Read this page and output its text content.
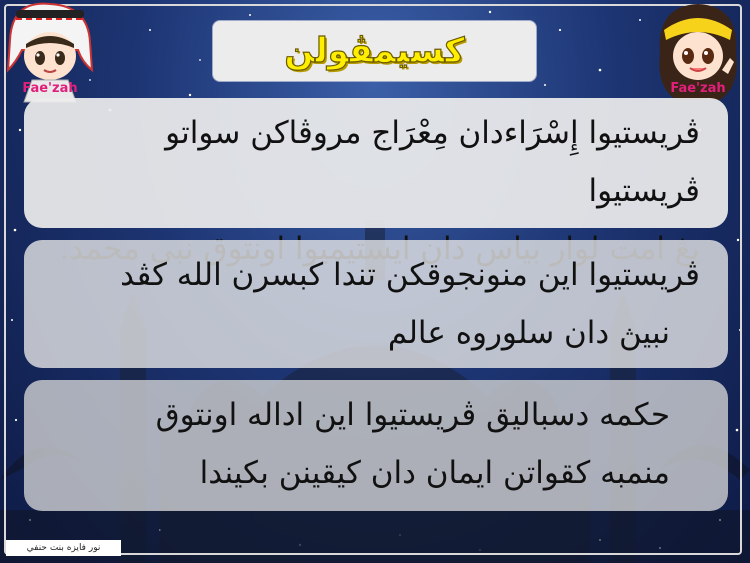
كسيمڤولن
Fae'zah	Fae'zah
ڤريستيوا إِسْرَاءدان مِعْرَاج مروڤاكن سواتو ڤريستيوا
ڤريستيوا اين منونجوقكن تندا كبسرن الله كڤد
نبيڽ دان سلوروه عالم
حكمه دسباليق ڤريستيوا اين اداله اونتوق
منمبه كقواتن ايمان دان كيقينن بكيندا
نور فايزه بنت حنفي
